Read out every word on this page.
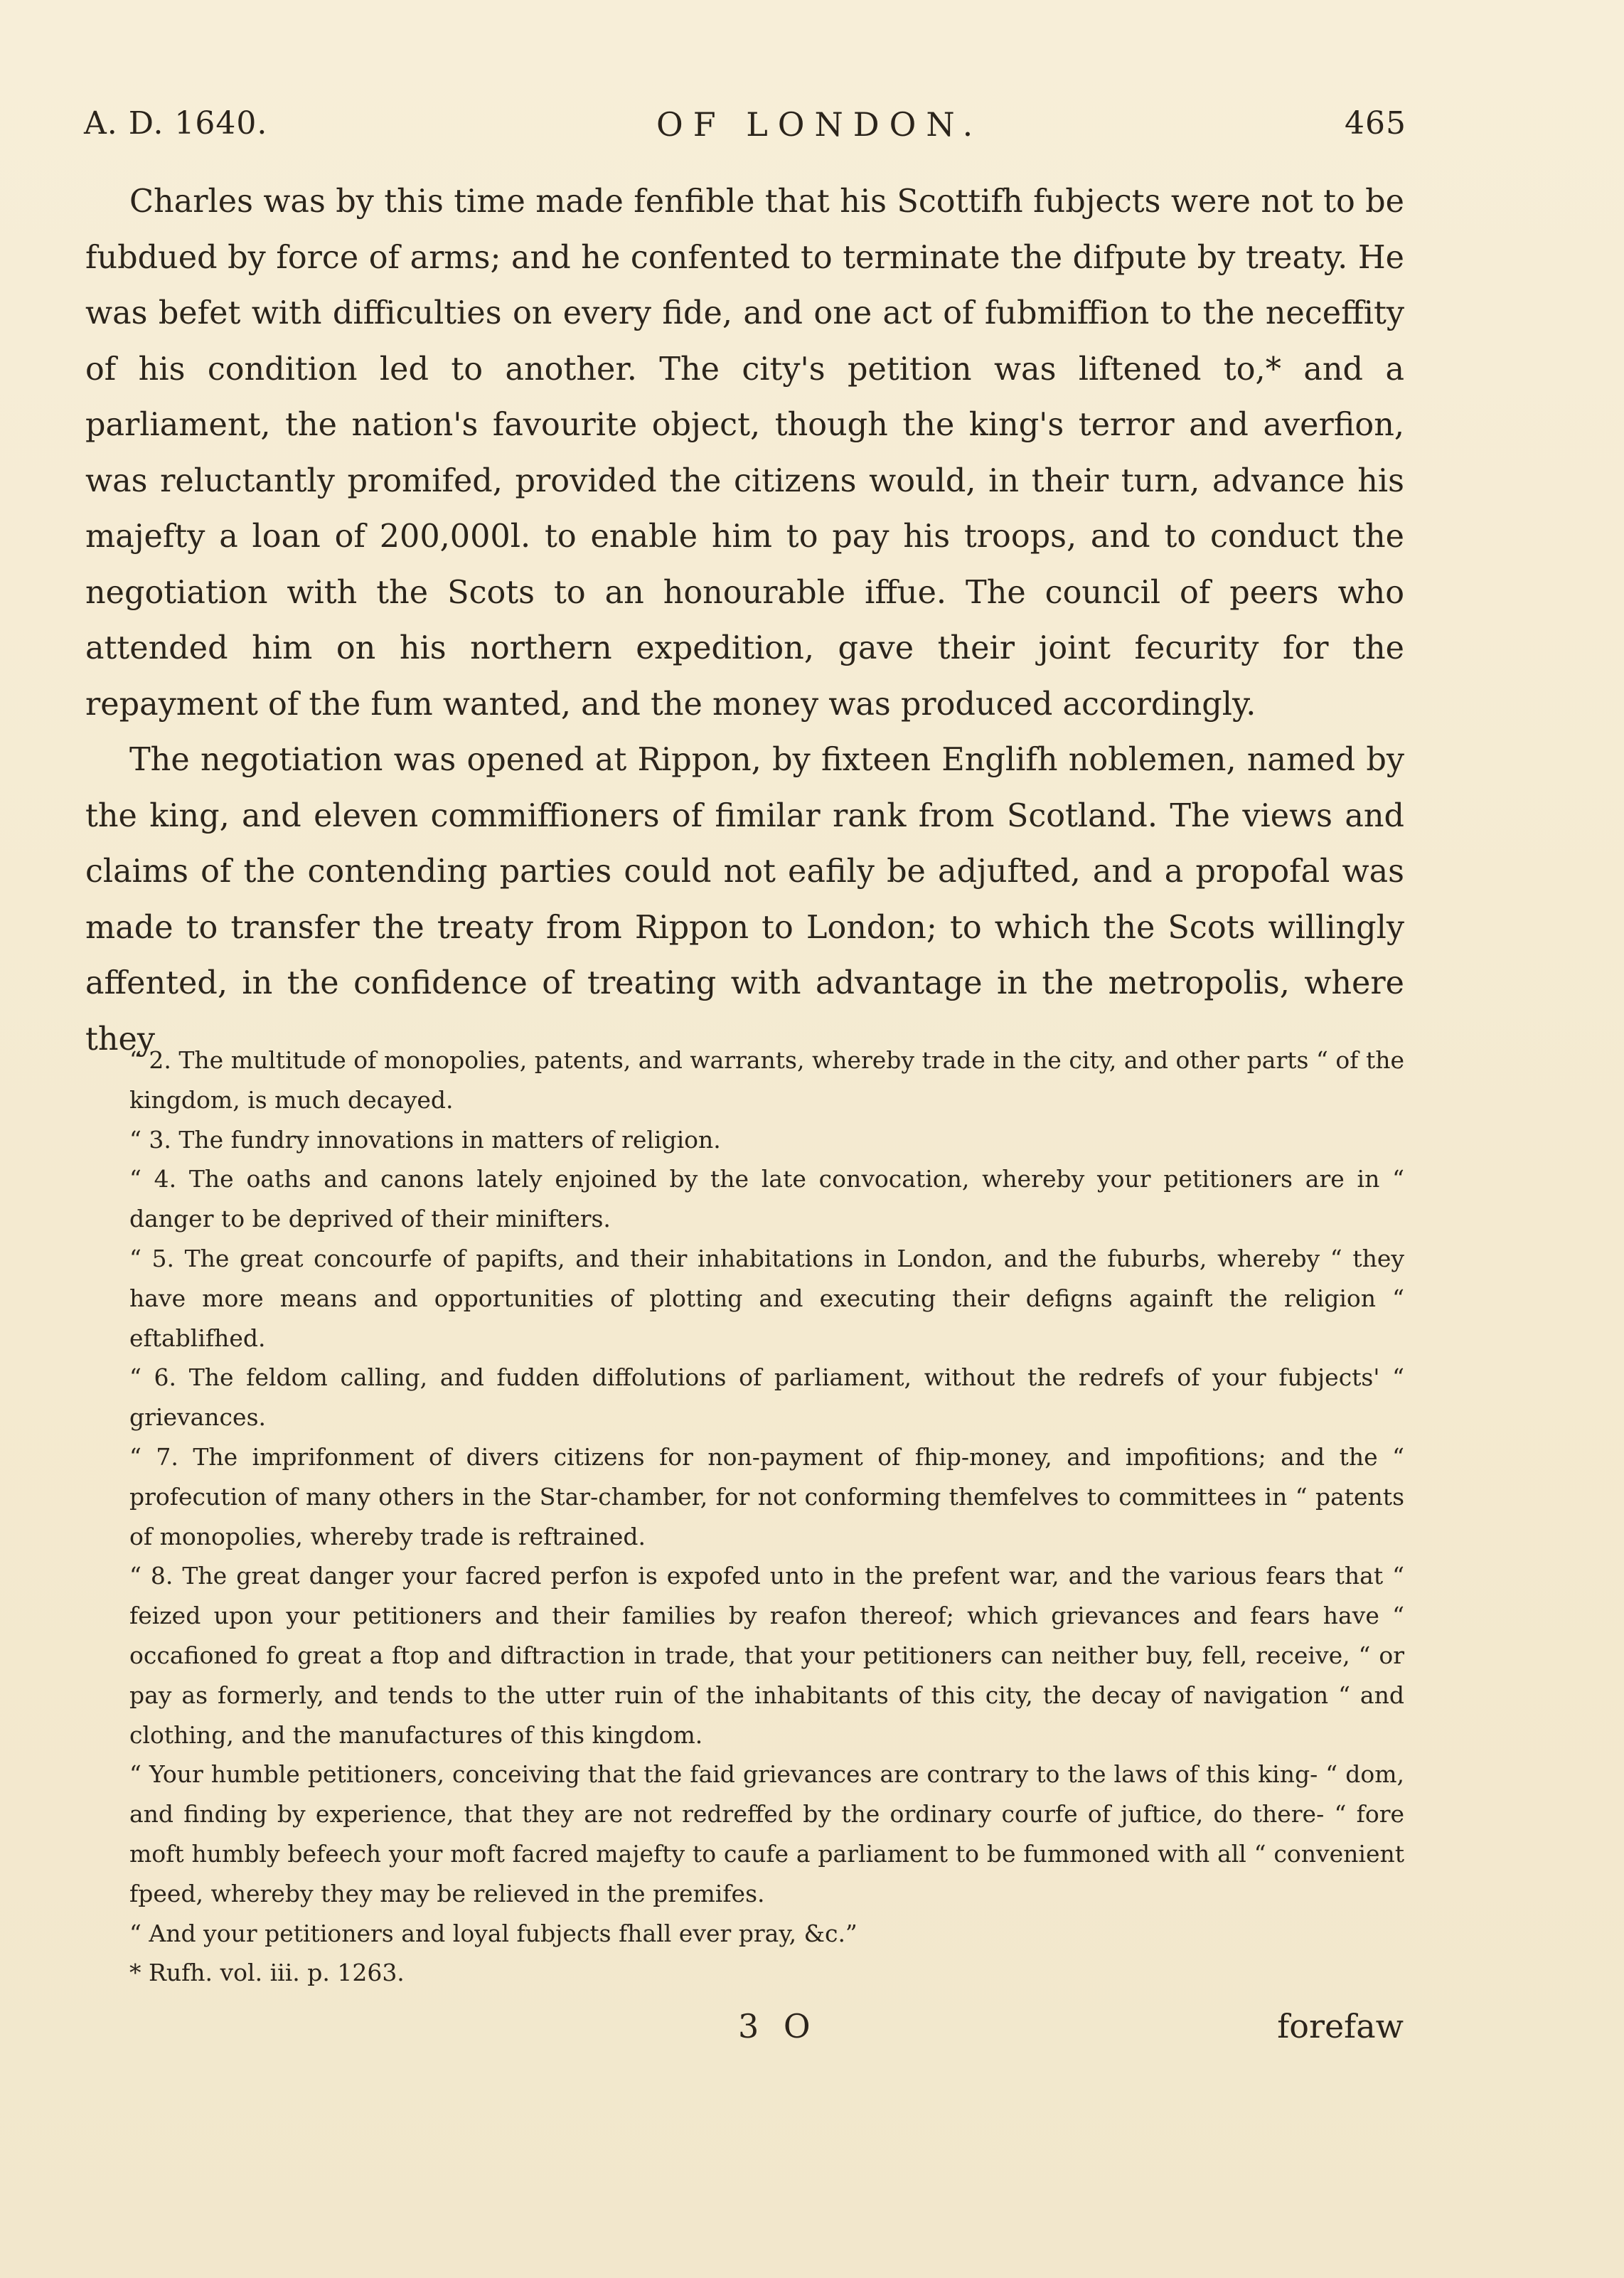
A. D. 1640.	OF LONDON.	465

Charles was by this time made fenfible that his Scottifh fubjects were not to be fubdued by force of arms; and he confented to terminate the difpute by treaty. He was befet with difficulties on every fide, and one act of fubmiffion to the neceffity of his condition led to another. The city's petition was liftened to,* and a parliament, the nation's favourite object, though the king's terror and averfion, was reluctantly promifed, provided the citizens would, in their turn, advance his majefty a loan of 200,000l. to enable him to pay his troops, and to conduct the negotiation with the Scots to an honourable iffue. The council of peers who attended him on his northern expedition, gave their joint fecurity for the repayment of the fum wanted, and the money was produced accordingly.

The negotiation was opened at Rippon, by fixteen Englifh noblemen, named by the king, and eleven commiffioners of fimilar rank from Scotland. The views and claims of the contending parties could not eafily be adjufted, and a propofal was made to transfer the treaty from Rippon to London; to which the Scots willingly affented, in the confidence of treating with advantage in the metropolis, where they

“ 2. The multitude of monopolies, patents, and warrants, whereby trade in the city, and other parts “ of the kingdom, is much decayed.

“ 3. The fundry innovations in matters of religion.

“ 4. The oaths and canons lately enjoined by the late convocation, whereby your petitioners are in “ danger to be deprived of their minifters.

“ 5. The great concourfe of papifts, and their inhabitations in London, and the fuburbs, whereby “ they have more means and opportunities of plotting and executing their defigns againft the religion “ eftablifhed.

“ 6. The feldom calling, and fudden diffolutions of parliament, without the redrefs of your fubjects' “ grievances.

“ 7. The imprifonment of divers citizens for non-payment of fhip-money, and impofitions; and the “ profecution of many others in the Star-chamber, for not conforming themfelves to committees in “ patents of monopolies, whereby trade is reftrained.

“ 8. The great danger your facred perfon is expofed unto in the prefent war, and the various fears that “ feized upon your petitioners and their families by reafon thereof; which grievances and fears have “ occafioned fo great a ftop and diftraction in trade, that your petitioners can neither buy, fell, receive, “ or pay as formerly, and tends to the utter ruin of the inhabitants of this city, the decay of navigation “ and clothing, and the manufactures of this kingdom.

“ Your humble petitioners, conceiving that the faid grievances are contrary to the laws of this king- “ dom, and finding by experience, that they are not redreffed by the ordinary courfe of juftice, do there- “ fore moft humbly befeech your moft facred majefty to caufe a parliament to be fummoned with all “ convenient fpeed, whereby they may be relieved in the premifes.

“ And your petitioners and loyal fubjects fhall ever pray, &c.”

* Rufh. vol. iii. p. 1263.

3 O	forefaw
